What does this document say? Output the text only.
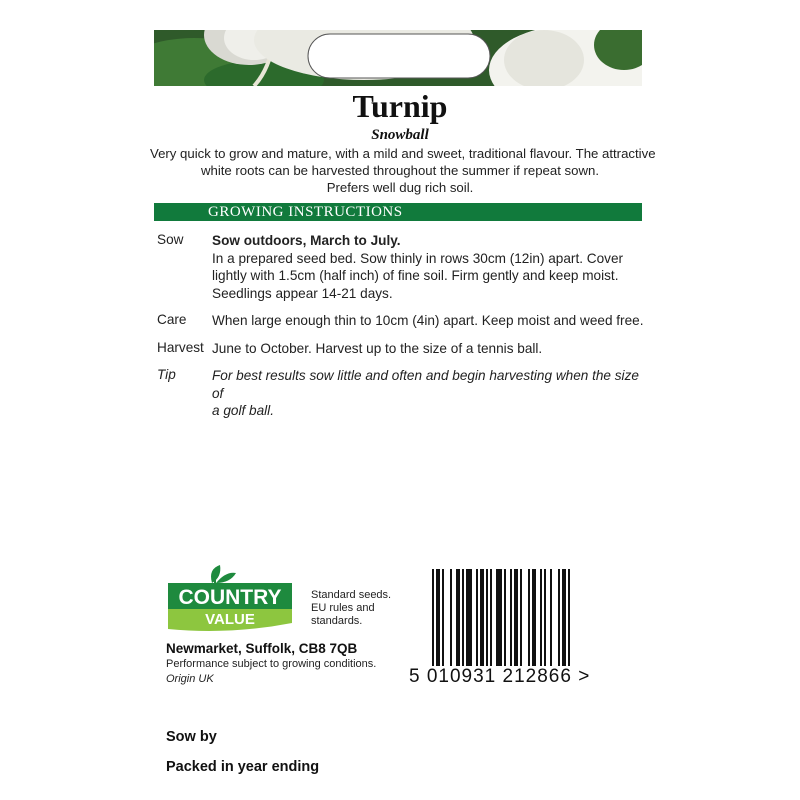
Turnip
Snowball
Very quick to grow and mature, with a mild and sweet, traditional flavour. The attractive
white roots can be harvested throughout the summer if repeat sown.
Prefers well dug rich soil.
GROWING INSTRUCTIONS
Sow Sow outdoors, March to July.
In a prepared seed bed. Sow thinly in rows 30cm (12in) apart. Cover
lightly with 1.5cm (half inch) of fine soil. Firm gently and keep moist.
Seedlings appear 14-21 days.
Care When large enough thin to 10cm (4in) apart. Keep moist and weed free.
Harvest June to October. Harvest up to the size of a tennis ball.
Tip	For best results sow little and often and begin harvesting when the size of
a golf ball.
COUNTRY
VALUE
Standard seeds.
EU rules and
standards.
Newmarket, Suffolk, CB8 7QB
Performance subject to growing conditions.
Origin UK	5 010931 212866 >
Sow by
Packed in year ending
